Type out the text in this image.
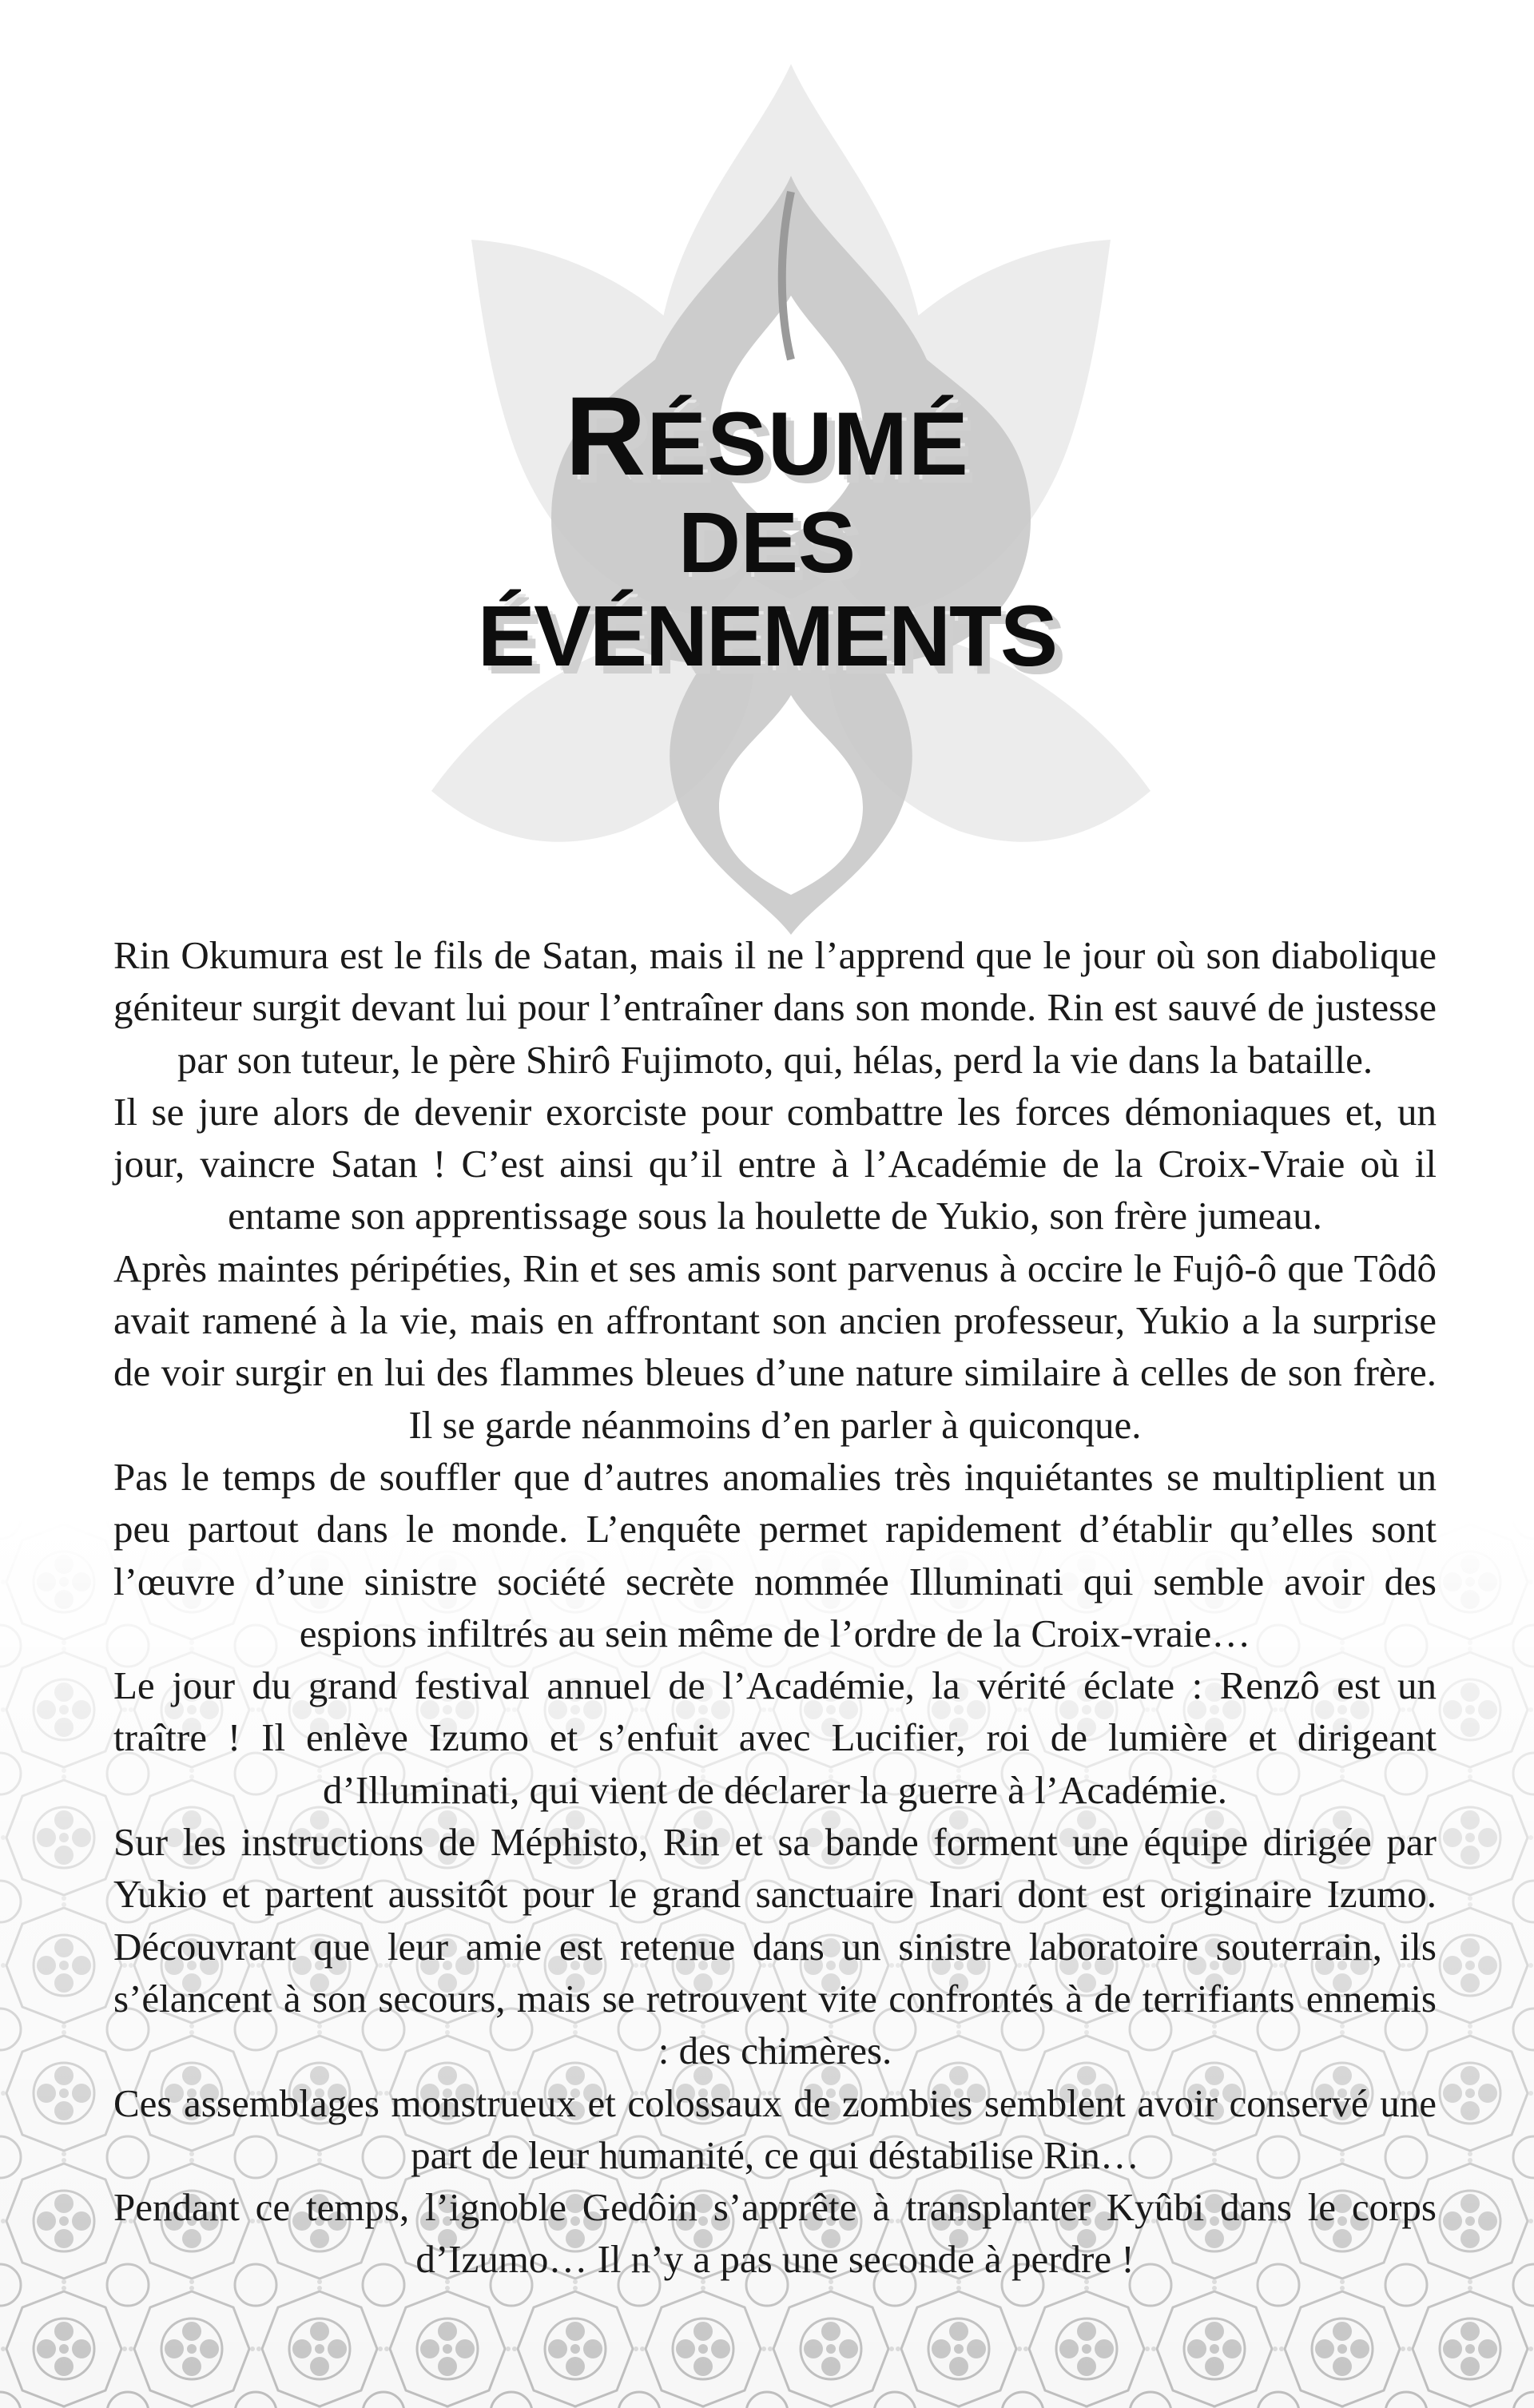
RÉSUMÉ
DES
ÉVÉNEMENTS

Rin Okumura est le fils de Satan, mais il ne l’apprend que le jour où son diabolique géniteur surgit devant lui pour l’entraîner dans son monde. Rin est sauvé de justesse par son tuteur, le père Shirô Fujimoto, qui, hélas, perd la vie dans la bataille.

Il se jure alors de devenir exorciste pour combattre les forces démoniaques et, un jour, vaincre Satan ! C’est ainsi qu’il entre à l’Académie de la Croix-Vraie où il entame son apprentissage sous la houlette de Yukio, son frère jumeau.

Après maintes péripéties, Rin et ses amis sont parvenus à occire le Fujô-ô que Tôdô avait ramené à la vie, mais en affrontant son ancien professeur, Yukio a la surprise de voir surgir en lui des flammes bleues d’une nature similaire à celles de son frère. Il se garde néanmoins d’en parler à quiconque.

Pas le temps de souffler que d’autres anomalies très inquiétantes se multiplient un peu partout dans le monde. L’enquête permet rapidement d’établir qu’elles sont l’œuvre d’une sinistre société secrète nommée Illuminati qui semble avoir des espions infiltrés au sein même de l’ordre de la Croix-vraie…

Le jour du grand festival annuel de l’Académie, la vérité éclate : Renzô est un traître ! Il enlève Izumo et s’enfuit avec Lucifier, roi de lumière et dirigeant d’Illuminati, qui vient de déclarer la guerre à l’Académie.

Sur les instructions de Méphisto, Rin et sa bande forment une équipe dirigée par Yukio et partent aussitôt pour le grand sanctuaire Inari dont est originaire Izumo. Découvrant que leur amie est retenue dans un sinistre laboratoire souterrain, ils s’élancent à son secours, mais se retrouvent vite confrontés à de terrifiants ennemis : des chimères.

Ces assemblages monstrueux et colossaux de zombies semblent avoir conservé une part de leur humanité, ce qui déstabilise Rin…

Pendant ce temps, l’ignoble Gedôin s’apprête à transplanter Kyûbi dans le corps d’Izumo… Il n’y a pas une seconde à perdre !
